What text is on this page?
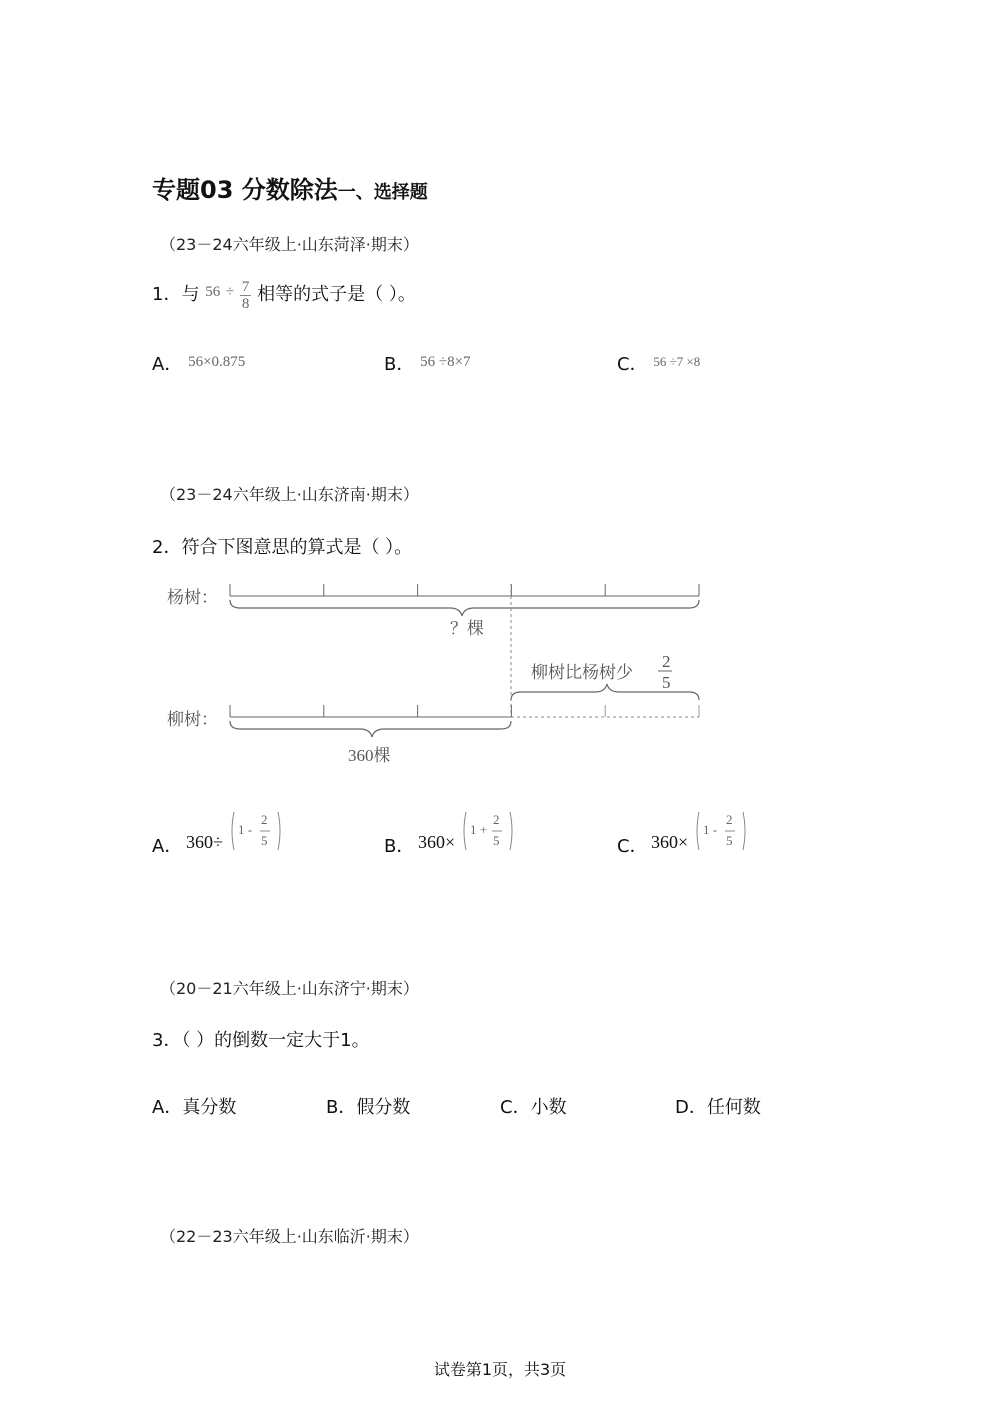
专题03 分数除法一、选择题
（23－24六年级上·山东菏泽·期末）
1．与 $^{56}$ $^\div \frac{7}{8}$ 相等的式子是（ ）。
A． $^{56\times 0.875}$	B． $^{56 \div 8\times 7}$	C． $^{56 \div 7 \times 8}$
（23－24六年级上·山东济南·期末）
2．符合下图意思的算式是（ ）。
杨树：
？棵
柳树比杨树少
2
5
柳树：
360棵
A． 360÷
1 -
2
5	B． 360×
1 +
2
5	C． 360×
1 -
2
5
（20－21六年级上·山东济宁·期末）
3．（ ）的倒数一定大于1。
A．真分数	B．假分数	C．小数	D．任何数
（22－23六年级上·山东临沂·期末）
试卷第1页，共3页
